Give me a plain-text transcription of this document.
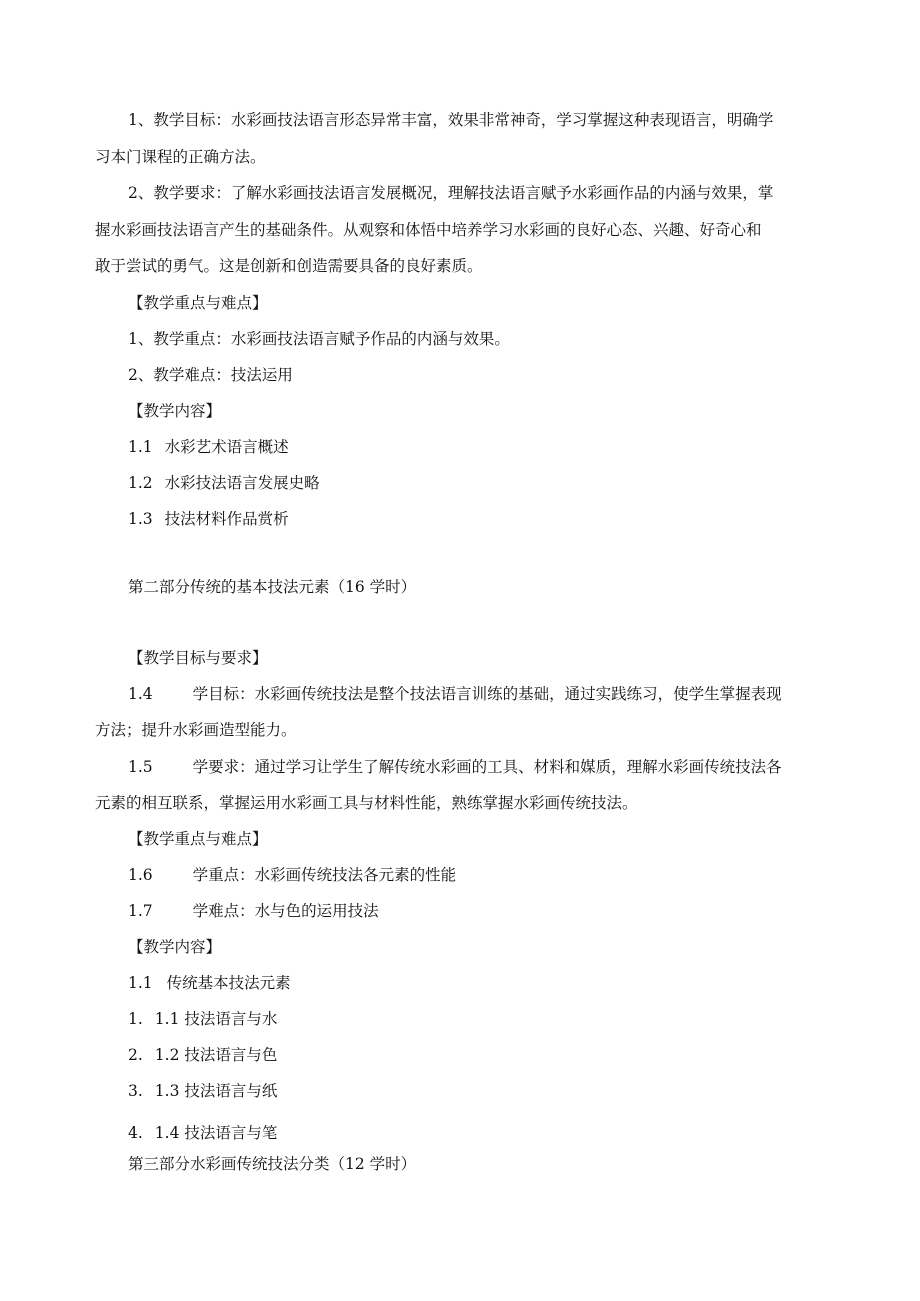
1、教学目标：水彩画技法语言形态异常丰富，效果非常神奇，学习掌握这种表现语言，明确学
习本门课程的正确方法。
2、教学要求：了解水彩画技法语言发展概况，理解技法语言赋予水彩画作品的内涵与效果，掌
握水彩画技法语言产生的基础条件。从观察和体悟中培养学习水彩画的良好心态、兴趣、好奇心和
敢于尝试的勇气。这是创新和创造需要具备的良好素质。
【教学重点与难点】
1、教学重点：水彩画技法语言赋予作品的内涵与效果。
2、教学难点：技法运用
【教学内容】
1.1 水彩艺术语言概述
1.2 水彩技法语言发展史略
1.3 技法材料作品赏析
第二部分传统的基本技法元素（16 学时）
【教学目标与要求】
1.4	学目标：水彩画传统技法是整个技法语言训练的基础，通过实践练习，使学生掌握表现
方法；提升水彩画造型能力。
1.5	学要求：通过学习让学生了解传统水彩画的工具、材料和媒质，理解水彩画传统技法各
元素的相互联系，掌握运用水彩画工具与材料性能，熟练掌握水彩画传统技法。
【教学重点与难点】
1.6	学重点：水彩画传统技法各元素的性能
1.7	学难点：水与色的运用技法
【教学内容】
1.1 传统基本技法元素
1. 1.1 技法语言与水
2. 1.2 技法语言与色
3. 1.3 技法语言与纸
4. 1.4 技法语言与笔
第三部分水彩画传统技法分类（12 学时）
